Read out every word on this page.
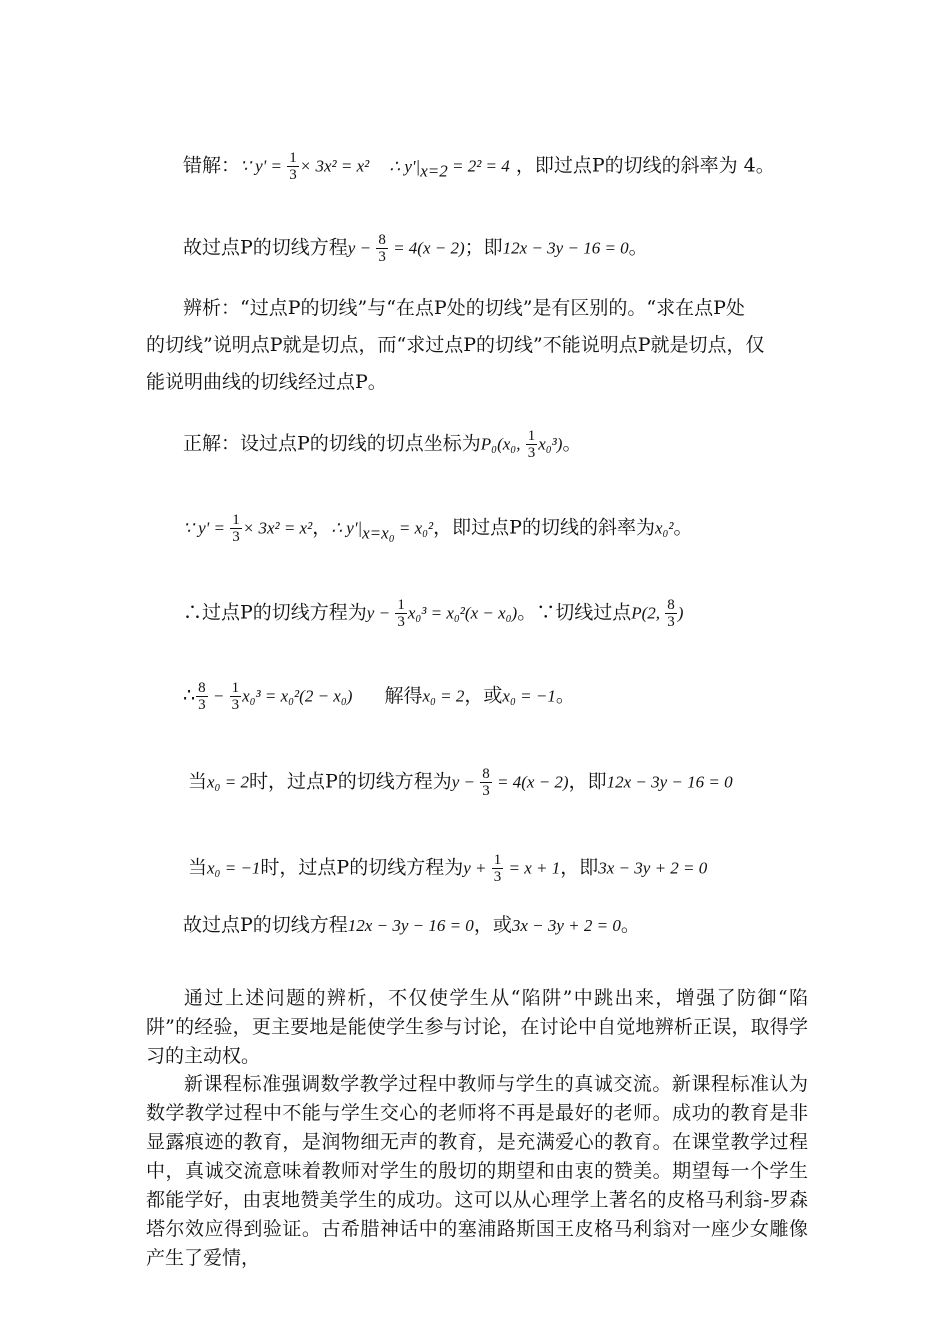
错解：∵ $y' = \frac{1}{3} \times 3x^2 = x^2$ ∴ $y'|_{x=2} = 2^2 = 4$ ，即过点P的切线的斜率为 4。
故过点P的切线方程$y - \frac{8}{3} = 4(x - 2)$；即12x − 3y − 16 = 0。
辨析：“过点P的切线”与“在点P处的切线”是有区别的。“求在点P处
的切线”说明点P就是切点，而“求过点P的切线”不能说明点P就是切点，仅
能说明曲线的切线经过点P。
正解：设过点P的切线的切点坐标为P₀(x₀, $\frac{1}{3} x_0^3$)。
∵ $y' = \frac{1}{3} \times 3x^2 = x^2$，∴ $y'|_{x=x_0} = x_0^2$，即过点P的切线的斜率为x₀²。
∴过点P的切线方程为$y - \frac{1}{3} x_0^3 = x_0^2(x - x_0)$。∵切线过点P(2, $\frac{8}{3}$ )
∴ $\frac{8}{3} - \frac{1}{3} x_0^3 = x_0^2(2 - x_0)$ 解得x₀ = 2，或x₀ = −1。
当x₀ = 2时，过点P的切线方程为$y - \frac{8}{3} = 4(x - 2)$，即12x − 3y − 16 = 0
当x₀ = −1时，过点P的切线方程为$y + \frac{1}{3} = x + 1$，即3x − 3y + 2 = 0
故过点P的切线方程12x − 3y − 16 = 0，或3x − 3y + 2 = 0。
通过上述问题的辨析，不仅使学生从“陷阱”中跳出来，增强了防御“陷阱”的经验，更主要地是能使学生参与讨论，在讨论中自觉地辨析正误，取得学习的主动权。
新课程标准强调数学教学过程中教师与学生的真诚交流。新课程标准认为数学教学过程中不能与学生交心的老师将不再是最好的老师。成功的教育是非显露痕迹的教育，是润物细无声的教育，是充满爱心的教育。在课堂教学过程中，真诚交流意味着教师对学生的殷切的期望和由衷的赞美。期望每一个学生都能学好，由衷地赞美学生的成功。这可以从心理学上著名的皮格马利翁-罗森塔尔效应得到验证。古希腊神话中的塞浦路斯国王皮格马利翁对一座少女雕像产生了爱情，
